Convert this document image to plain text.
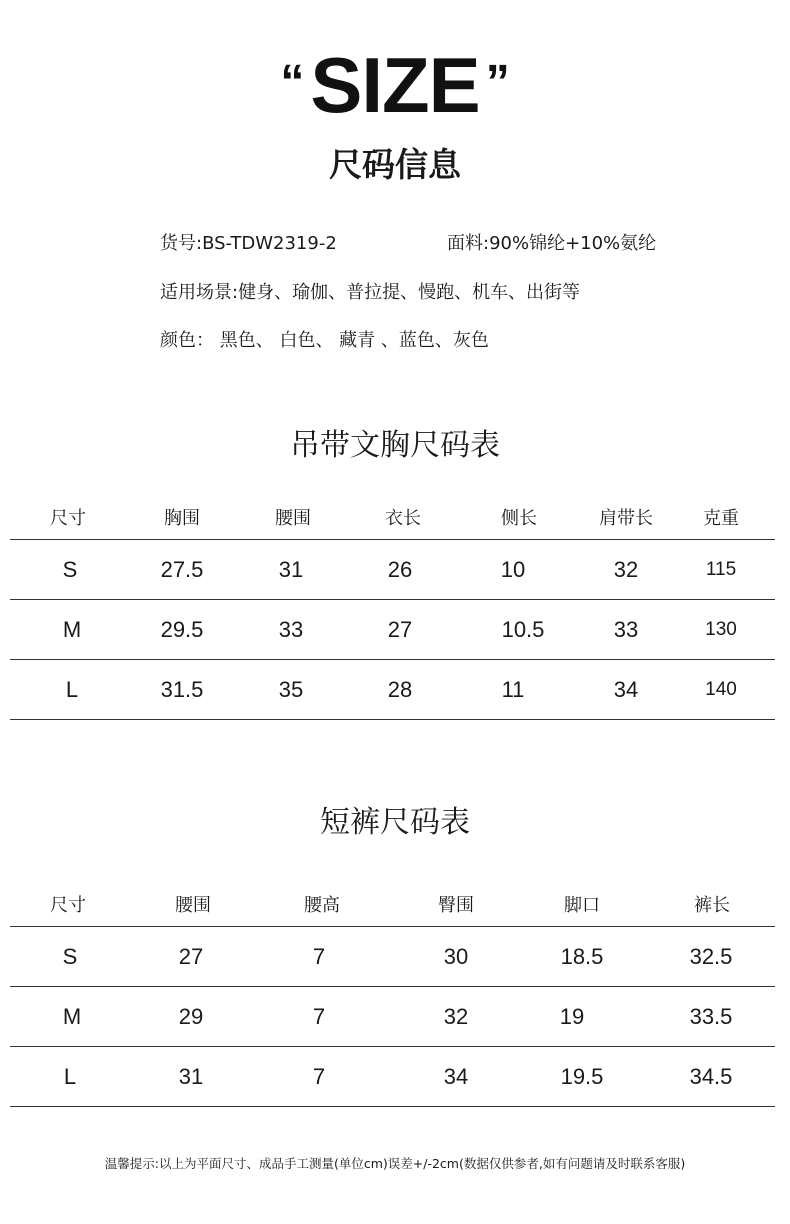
“SIZE ”
尺码信息
货号:BS-TDW2319-2	面料:90%锦纶+10%氨纶
适用场景:健身、瑜伽、普拉提、慢跑、机车、出街等
颜色： 黑色、 白色、 藏青 、蓝色、灰色
吊带文胸尺码表
尺寸	胸围	腰围	衣长	侧长	肩带长	克重
S	27.5	31	26	10	32	115
M	29.5	33	27	10.5	33	130
L	31.5	35	28	11	34	140
短裤尺码表
尺寸	腰围	腰高	臀围	脚口	裤长
S	27	7	30	18.5	32.5
M	29	7	32	19	33.5
L	31	7	34	19.5	34.5
温馨提示:以上为平面尺寸、成品手工测量(单位cm)误差+/-2cm(数据仅供参者,如有问题请及时联系客服)
